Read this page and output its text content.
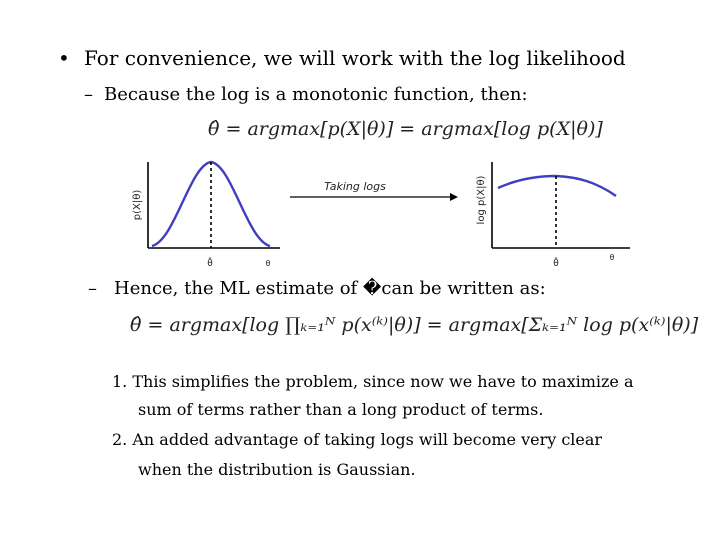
• For convenience, we will work with the log likelihood
– Because the log is a monotonic function, then:
θ̂ = argmax[p(X|θ)] = argmax[log p(X|θ)]
p(X|θ)
θ̂	θ
Taking logs	log p(X|θ)
θ̂
θ
– Hence, the ML estimate of �can be written as:
θ̂ = argmax[log ∏ₖ₌₁ᴺ p(x⁽ᵏ⁾|θ)] = argmax[Σₖ₌₁ᴺ log p(x⁽ᵏ⁾|θ)]
1. This simplifies the problem, since now we have to maximize a
sum of terms rather than a long product of terms.
2. An added advantage of taking logs will become very clear
when the distribution is Gaussian.
